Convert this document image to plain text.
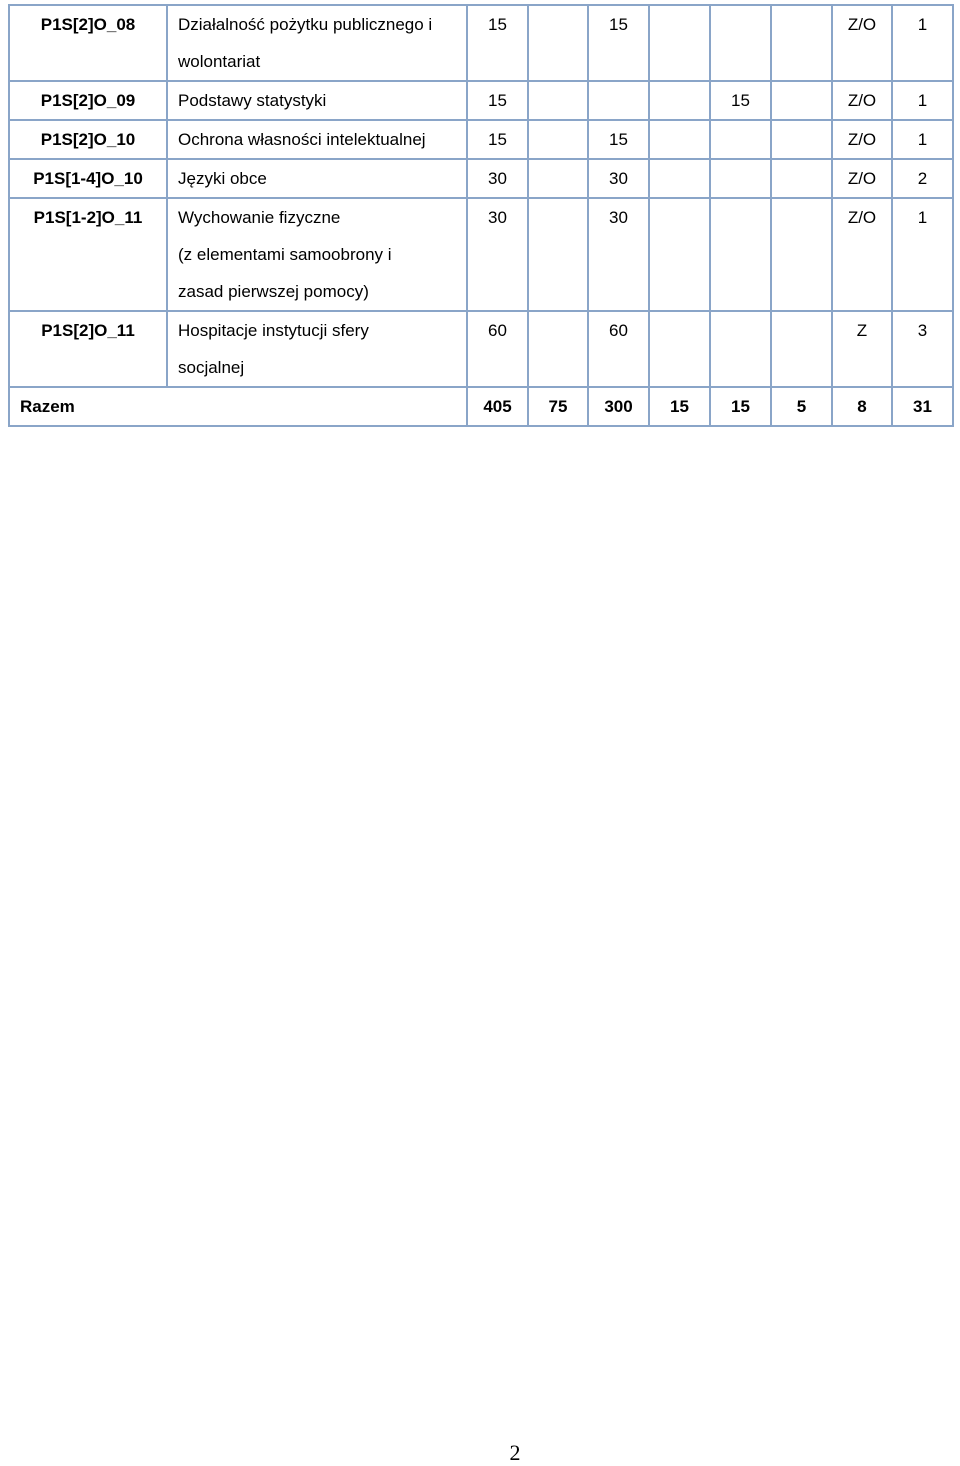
P1S[2]O_08	Działalność pożytku publicznego i
wolontariat	15		15				Z/O	1
P1S[2]O_09	Podstawy statystyki	15				15		Z/O	1
P1S[2]O_10	Ochrona własności intelektualnej	15		15				Z/O	1
P1S[1-4]O_10	Języki obce	30		30				Z/O	2
P1S[1-2]O_11	Wychowanie fizyczne
(z elementami samoobrony i
zasad pierwszej pomocy)	30		30				Z/O	1
P1S[2]O_11	Hospitacje instytucji sfery
socjalnej	60		60				Z	3
Razem		405	75	300	15	15	5	8	31
2
